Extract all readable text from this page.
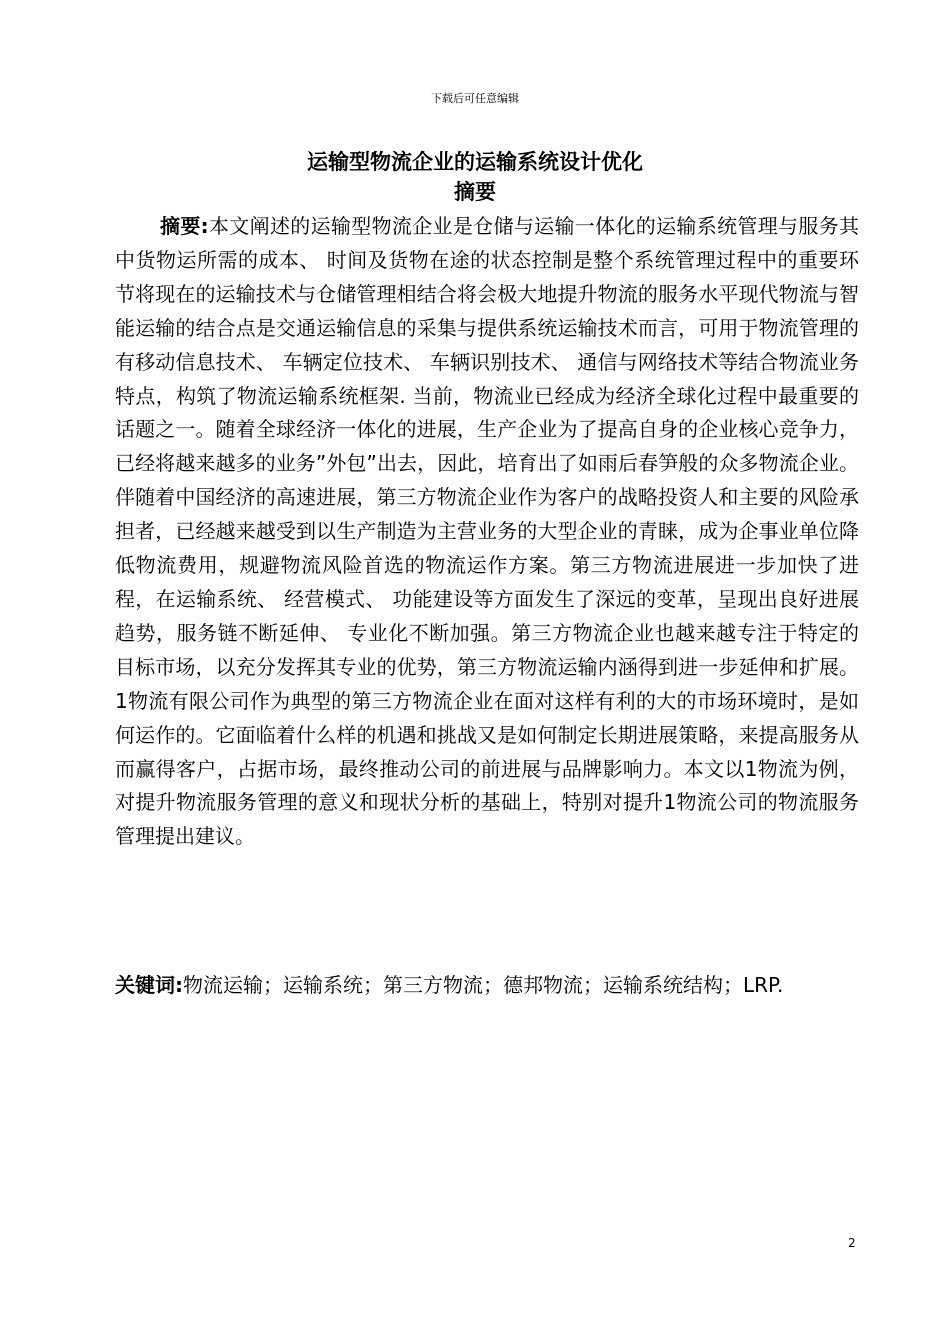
下载后可任意编辑
运输型物流企业的运输系统设计优化
摘要

摘要:本文阐述的运输型物流企业是仓储与运输一体化的运输系统管理与服务其中货物运所需的成本、 时间及货物在途的状态控制是整个系统管理过程中的重要环节将现在的运输技术与仓储管理相结合将会极大地提升物流的服务水平现代物流与智能运输的结合点是交通运输信息的采集与提供系统运输技术而言，可用于物流管理的有移动信息技术、 车辆定位技术、 车辆识别技术、 通信与网络技术等结合物流业务特点，构筑了物流运输系统框架. 当前，物流业已经成为经济全球化过程中最重要的话题之一。随着全球经济一体化的进展，生产企业为了提高自身的企业核心竞争力，已经将越来越多的业务”外包”出去，因此，培育出了如雨后春笋般的众多物流企业。伴随着中国经济的高速进展，第三方物流企业作为客户的战略投资人和主要的风险承担者，已经越来越受到以生产制造为主营业务的大型企业的青睐，成为企事业单位降低物流费用，规避物流风险首选的物流运作方案。第三方物流进展进一步加快了进程，在运输系统、 经营模式、 功能建设等方面发生了深远的变革，呈现出良好进展趋势，服务链不断延伸、 专业化不断加强。第三方物流企业也越来越专注于特定的目标市场，以充分发挥其专业的优势，第三方物流运输内涵得到进一步延伸和扩展。1物流有限公司作为典型的第三方物流企业在面对这样有利的大的市场环境时，是如何运作的。它面临着什么样的机遇和挑战又是如何制定长期进展策略，来提高服务从而赢得客户，占据市场，最终推动公司的前进展与品牌影响力。本文以1物流为例，对提升物流服务管理的意义和现状分析的基础上，特别对提升1物流公司的物流服务管理提出建议。

关键词:物流运输；运输系统；第三方物流；德邦物流；运输系统结构；LRP.

2
